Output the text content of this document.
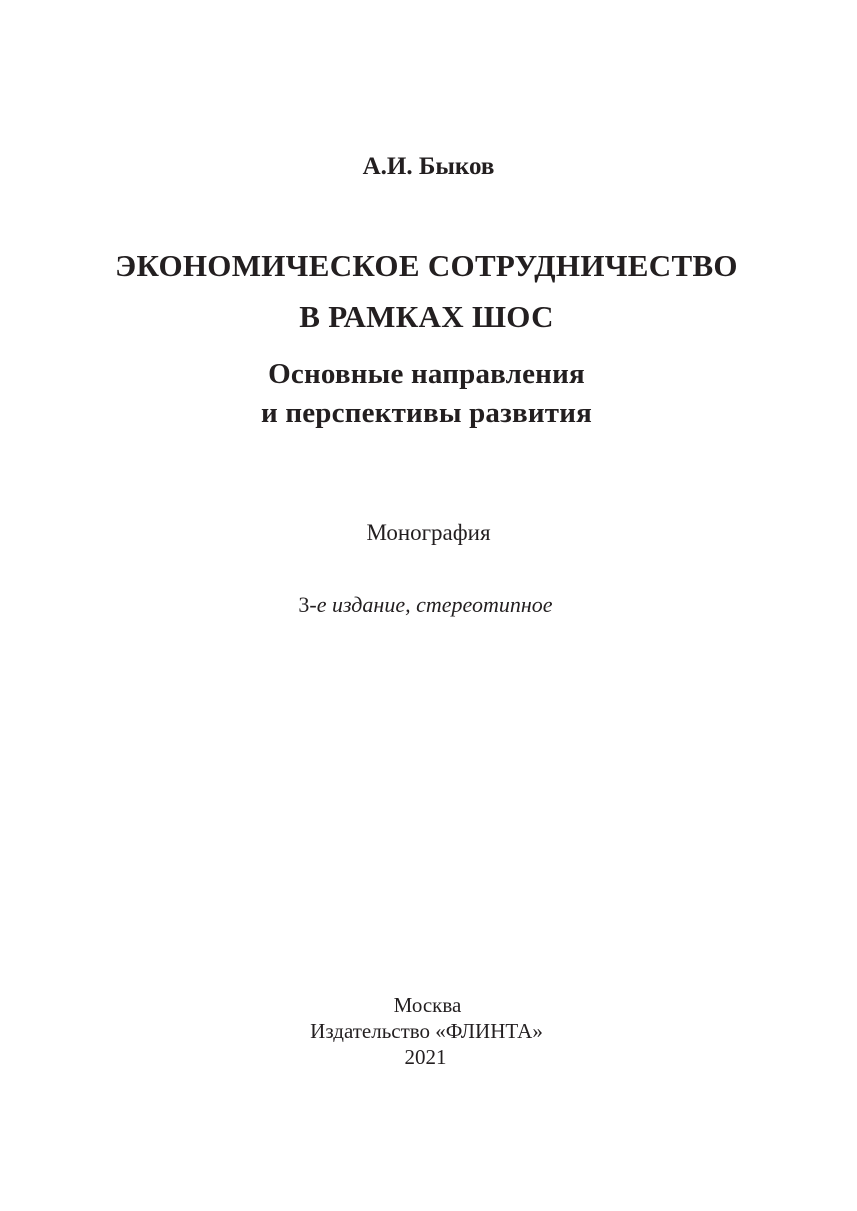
А.И. Быков
ЭКОНОМИЧЕСКОЕ СОТРУДНИЧЕСТВО
В РАМКАХ ШОС
Основные направления
и перспективы развития
Монография
3-е издание, стереотипное
Москва
Издательство «ФЛИНТА»
2021
